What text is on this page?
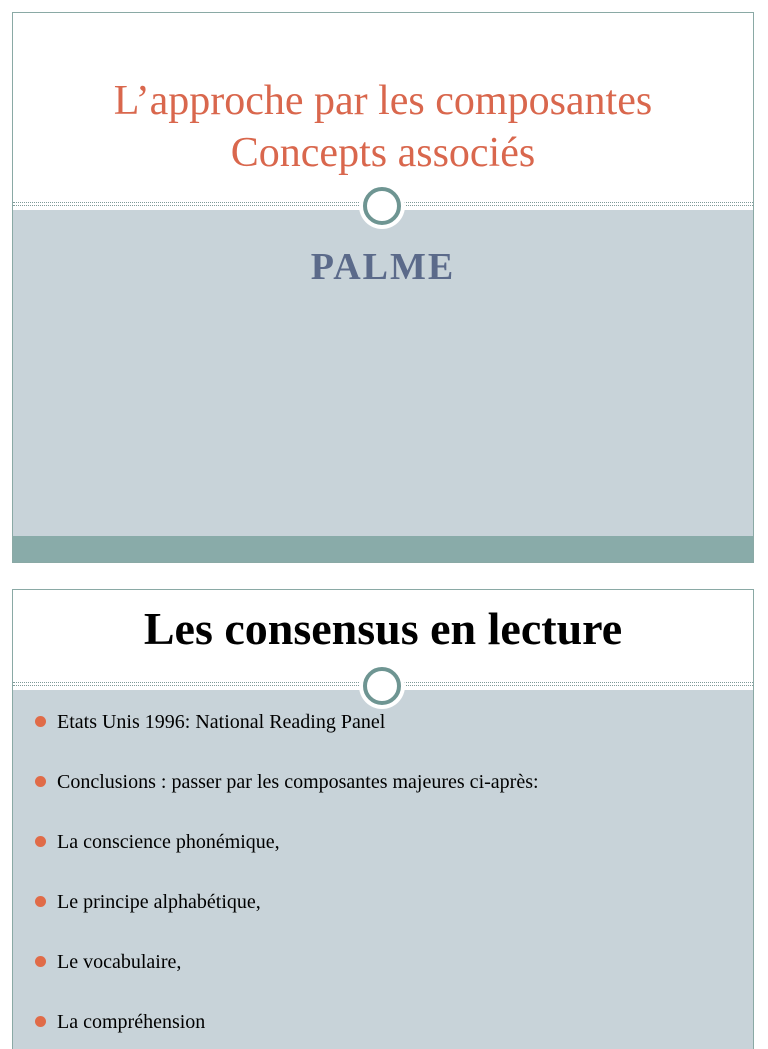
L’approche par les composantes
Concepts associés
PALME
Les consensus en lecture
Etats Unis 1996: National Reading Panel
Conclusions : passer par les composantes majeures ci-après:
La conscience phonémique,
Le principe alphabétique,
Le vocabulaire,
La compréhension
